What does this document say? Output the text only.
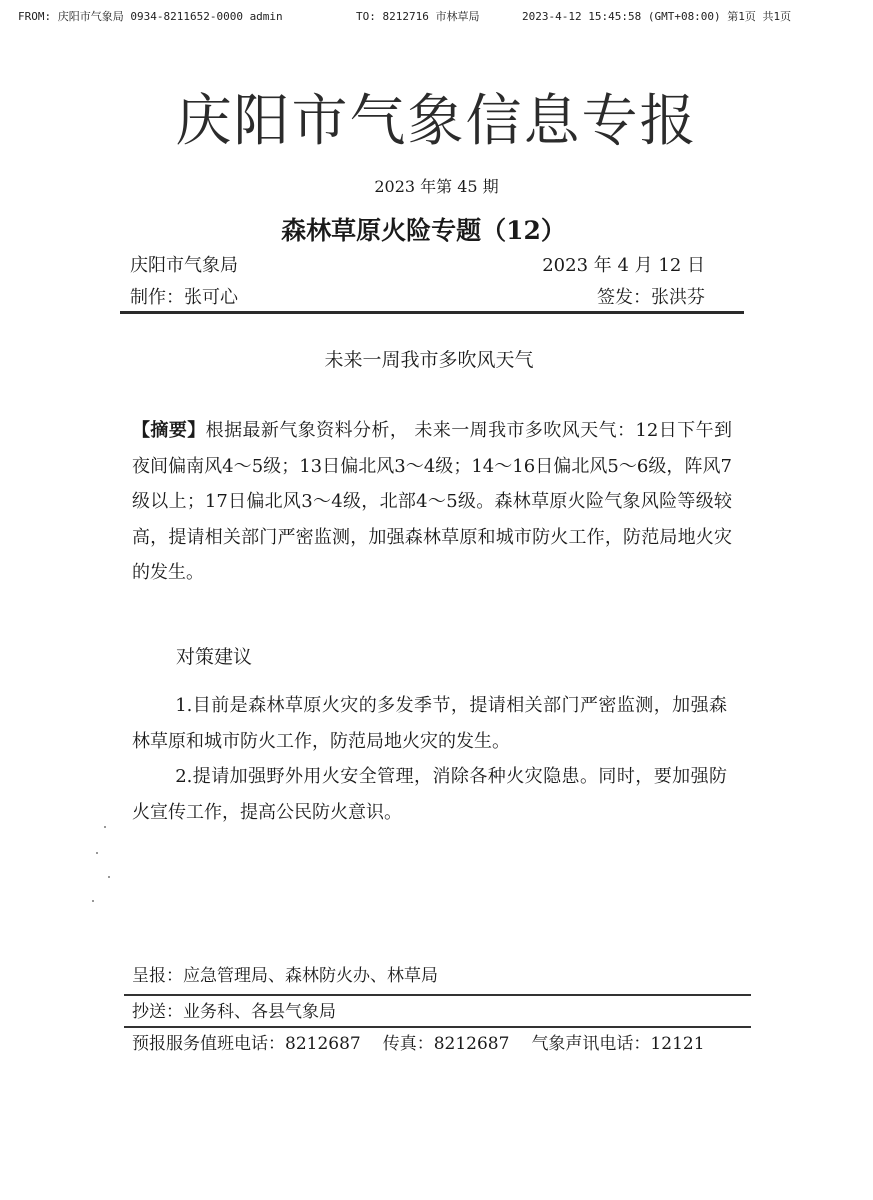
FROM: 庆阳市气象局 0934-8211652-0000 admin	TO: 8212716 市林草局	2023-4-12 15:45:58 (GMT+08:00) 第1页 共1页
庆阳市气象信息专报
2023 年第 45 期
森林草原火险专题（12）
庆阳市气象局	2023 年 4 月 12 日
制作：张可心	签发：张洪芬
未来一周我市多吹风天气

【摘要】根据最新气象资料分析， 未来一周我市多吹风天气：12日下午到夜间偏南风4～5级；13日偏北风3～4级；14～16日偏北风5～6级，阵风7级以上；17日偏北风3～4级，北部4～5级。森林草原火险气象风险等级较高，提请相关部门严密监测，加强森林草原和城市防火工作，防范局地火灾的发生。

对策建议

1.目前是森林草原火灾的多发季节，提请相关部门严密监测，加强森林草原和城市防火工作，防范局地火灾的发生。

2.提请加强野外用火安全管理，消除各种火灾隐患。同时，要加强防火宣传工作，提高公民防火意识。

呈报：应急管理局、森林防火办、林草局
抄送：业务科、各县气象局
预报服务值班电话：8212687 传真：8212687 气象声讯电话：12121
